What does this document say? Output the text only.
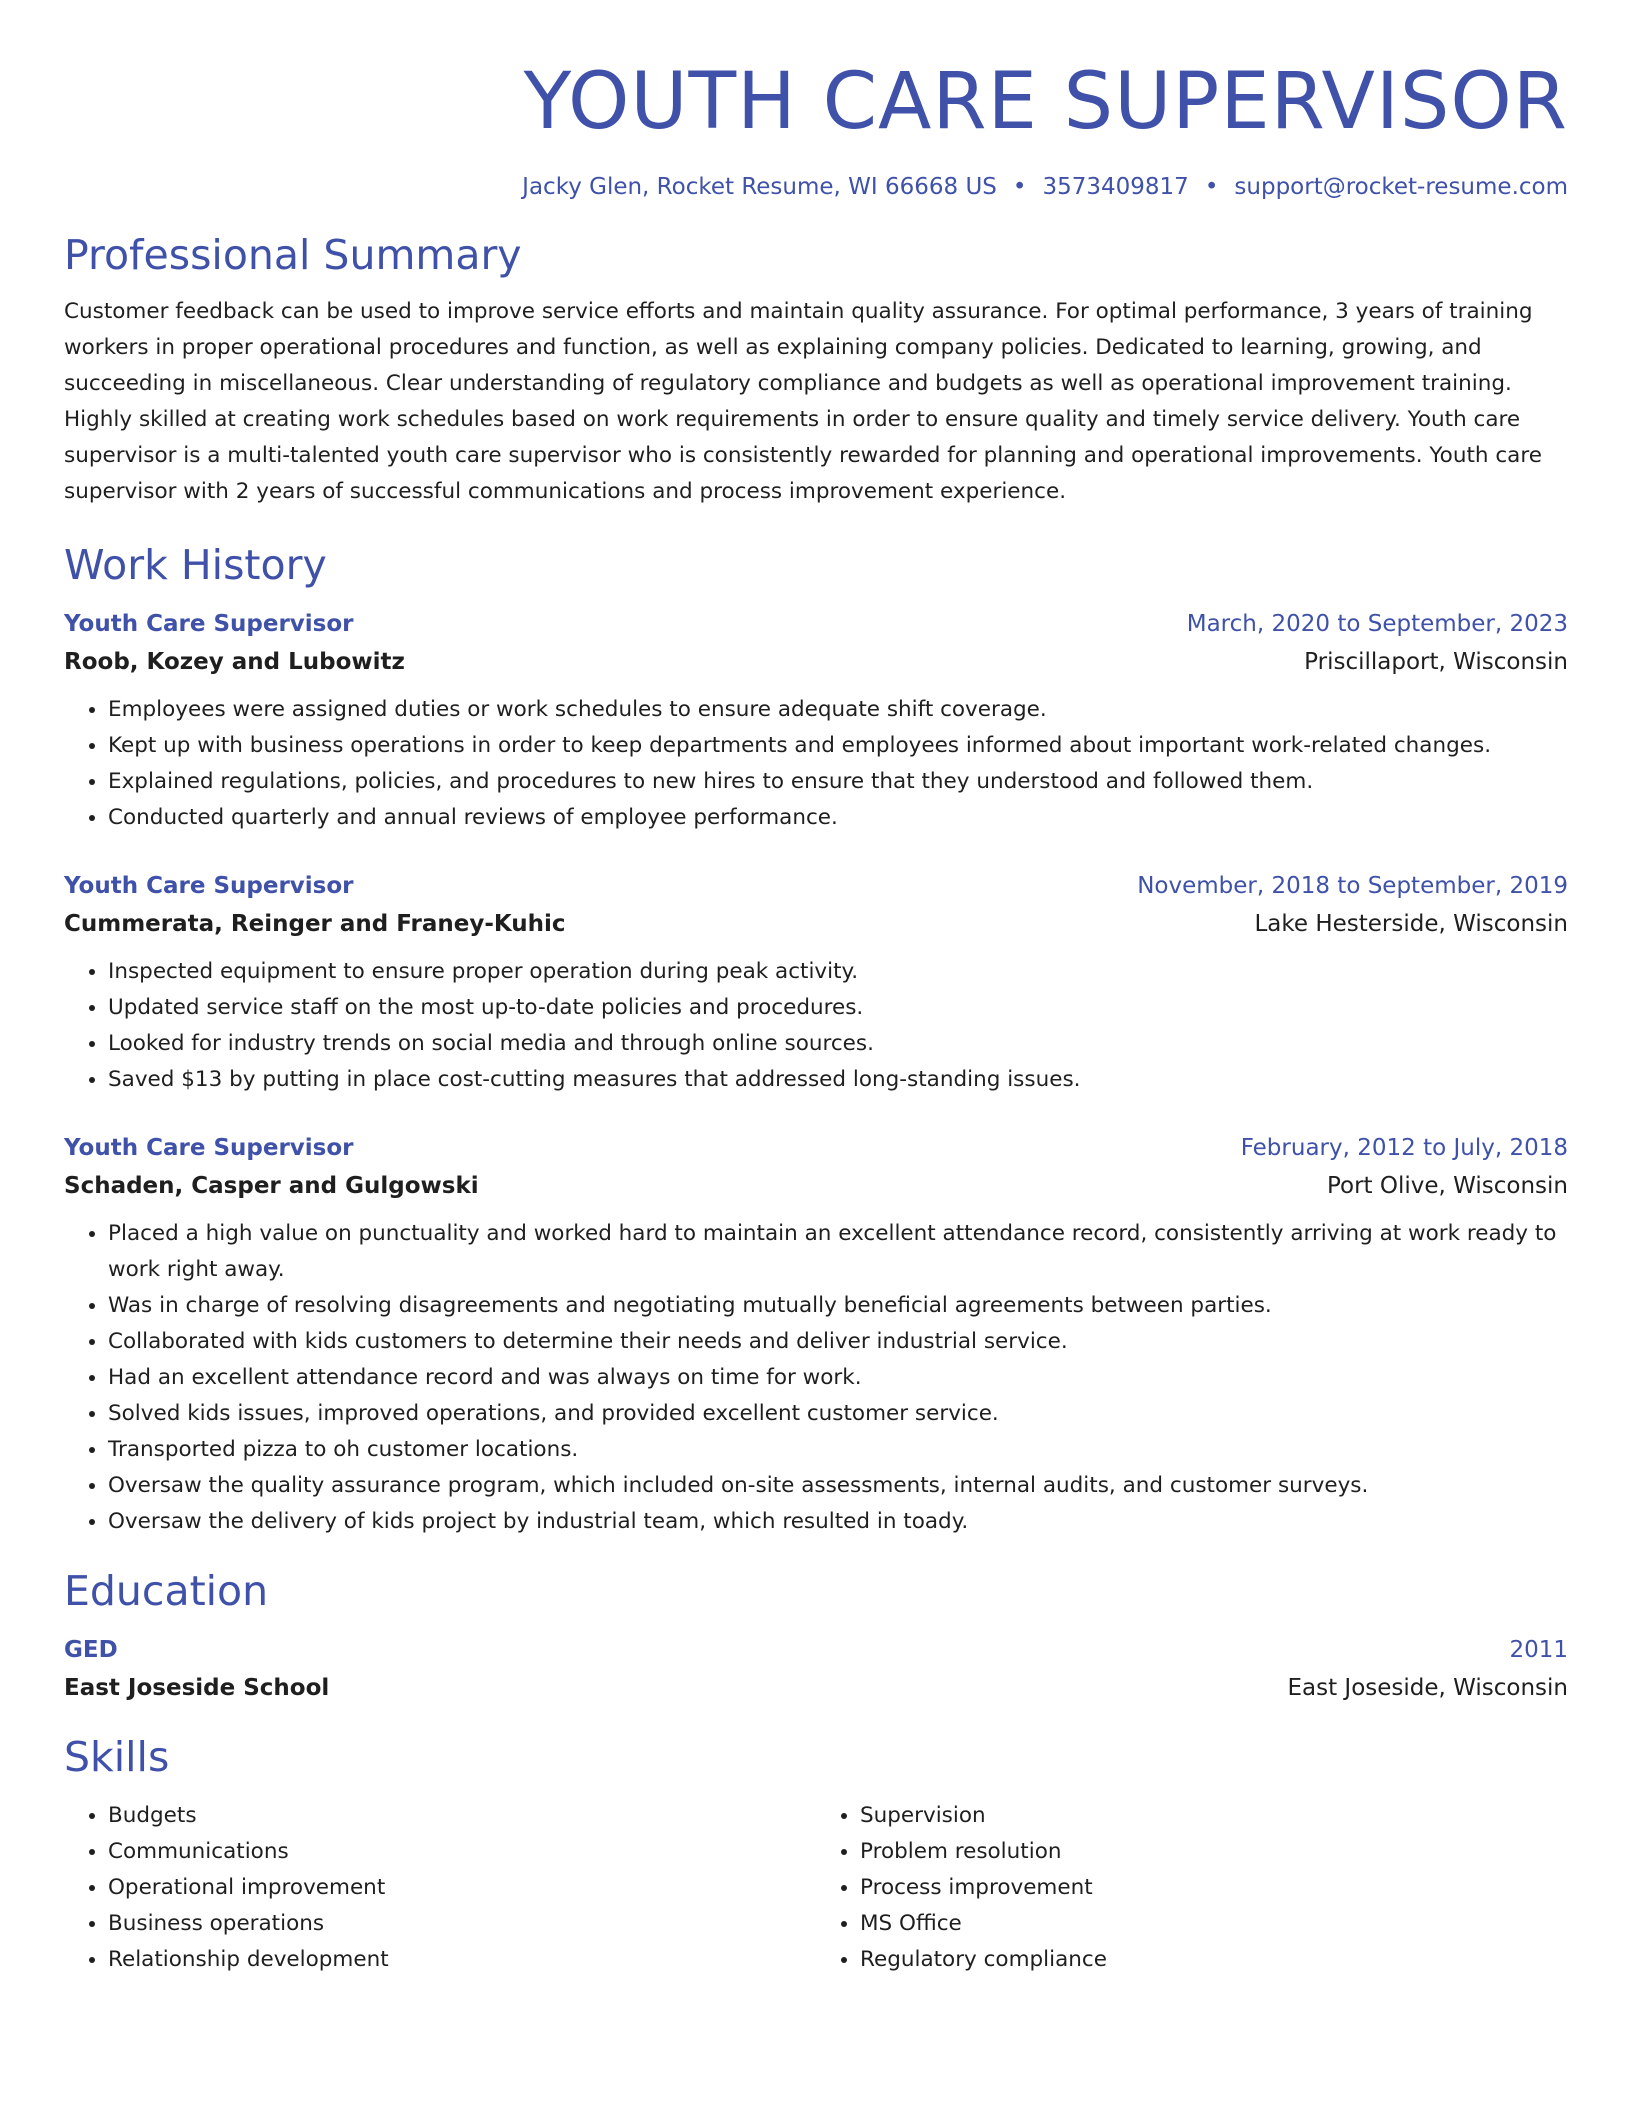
YOUTH CARE SUPERVISOR
Jacky Glen, Rocket Resume, WI 66668 US • 3573409817 • support@rocket-resume.com
Professional Summary
Customer feedback can be used to improve service efforts and maintain quality assurance. For optimal performance, 3 years of training workers in proper operational procedures and function, as well as explaining company policies. Dedicated to learning, growing, and succeeding in miscellaneous. Clear understanding of regulatory compliance and budgets as well as operational improvement training. Highly skilled at creating work schedules based on work requirements in order to ensure quality and timely service delivery. Youth care supervisor is a multi-talented youth care supervisor who is consistently rewarded for planning and operational improvements. Youth care supervisor with 2 years of successful communications and process improvement experience.
Work History
Youth Care Supervisor	March, 2020 to September, 2023
Roob, Kozey and Lubowitz	Priscillaport, Wisconsin
• Employees were assigned duties or work schedules to ensure adequate shift coverage.
• Kept up with business operations in order to keep departments and employees informed about important work-related changes.
• Explained regulations, policies, and procedures to new hires to ensure that they understood and followed them.
• Conducted quarterly and annual reviews of employee performance.
Youth Care Supervisor	November, 2018 to September, 2019
Cummerata, Reinger and Franey-Kuhic	Lake Hesterside, Wisconsin
• Inspected equipment to ensure proper operation during peak activity.
• Updated service staff on the most up-to-date policies and procedures.
• Looked for industry trends on social media and through online sources.
• Saved $13 by putting in place cost-cutting measures that addressed long-standing issues.
Youth Care Supervisor	February, 2012 to July, 2018
Schaden, Casper and Gulgowski	Port Olive, Wisconsin
• Placed a high value on punctuality and worked hard to maintain an excellent attendance record, consistently arriving at work ready to work right away.
• Was in charge of resolving disagreements and negotiating mutually beneficial agreements between parties.
• Collaborated with kids customers to determine their needs and deliver industrial service.
• Had an excellent attendance record and was always on time for work.
• Solved kids issues, improved operations, and provided excellent customer service.
• Transported pizza to oh customer locations.
• Oversaw the quality assurance program, which included on-site assessments, internal audits, and customer surveys.
• Oversaw the delivery of kids project by industrial team, which resulted in toady.
Education
GED	2011
East Joseside School	East Joseside, Wisconsin
Skills
• Budgets
• Communications
• Operational improvement
• Business operations
• Relationship development
• Supervision
• Problem resolution
• Process improvement
• MS Office
• Regulatory compliance
